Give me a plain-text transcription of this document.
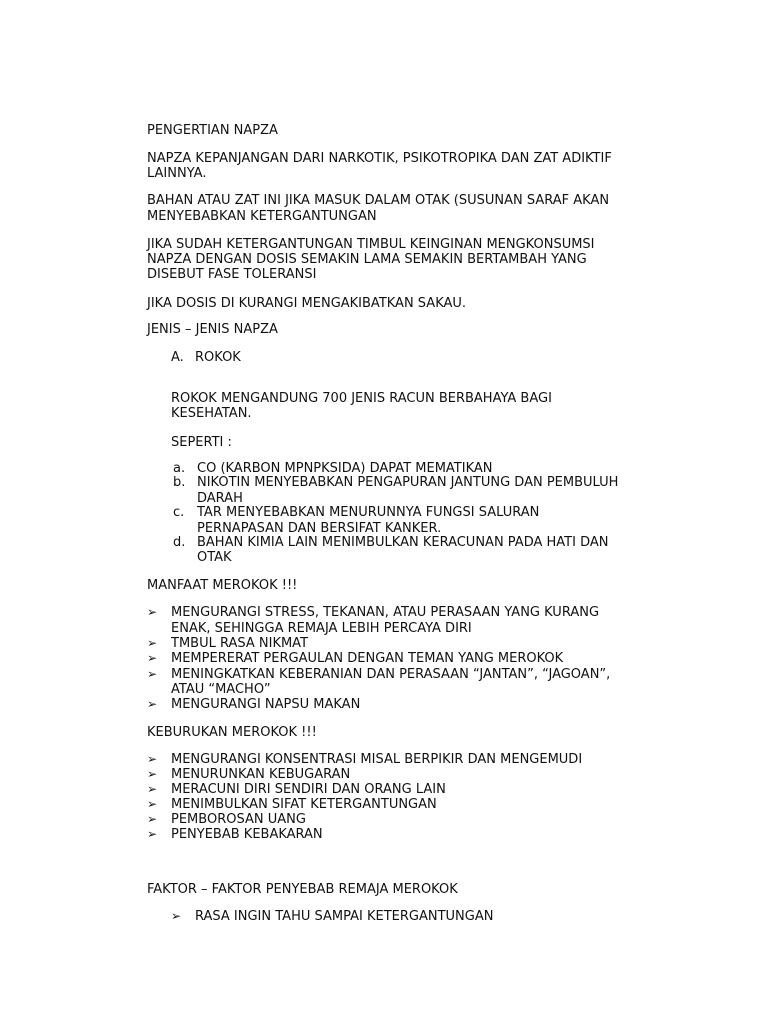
PENGERTIAN NAPZA
NAPZA KEPANJANGAN DARI NARKOTIK, PSIKOTROPIKA DAN ZAT ADIKTIF
LAINNYA.
BAHAN ATAU ZAT INI JIKA MASUK DALAM OTAK (SUSUNAN SARAF AKAN
MENYEBABKAN KETERGANTUNGAN
JIKA SUDAH KETERGANTUNGAN TIMBUL KEINGINAN MENGKONSUMSI
NAPZA DENGAN DOSIS SEMAKIN LAMA SEMAKIN BERTAMBAH YANG
DISEBUT FASE TOLERANSI
JIKA DOSIS DI KURANGI MENGAKIBATKAN SAKAU.
JENIS – JENIS NAPZA
A. ROKOK
ROKOK MENGANDUNG 700 JENIS RACUN BERBAHAYA BAGI
KESEHATAN.
SEPERTI :
a. CO (KARBON MPNPKSIDA) DAPAT MEMATIKAN
b. NIKOTIN MENYEBABKAN PENGAPURAN JANTUNG DAN PEMBULUH
DARAH
c. TAR MENYEBABKAN MENURUNNYA FUNGSI SALURAN
PERNAPASAN DAN BERSIFAT KANKER.
d. BAHAN KIMIA LAIN MENIMBULKAN KERACUNAN PADA HATI DAN
OTAK
MANFAAT MEROKOK !!!
➢ MENGURANGI STRESS, TEKANAN, ATAU PERASAAN YANG KURANG
ENAK, SEHINGGA REMAJA LEBIH PERCAYA DIRI
➢ TMBUL RASA NIKMAT
➢ MEMPERERAT PERGAULAN DENGAN TEMAN YANG MEROKOK
➢ MENINGKATKAN KEBERANIAN DAN PERASAAN “JANTAN”, “JAGOAN”,
ATAU “MACHO”
➢ MENGURANGI NAPSU MAKAN
KEBURUKAN MEROKOK !!!
➢ MENGURANGI KONSENTRASI MISAL BERPIKIR DAN MENGEMUDI
➢ MENURUNKAN KEBUGARAN
➢ MERACUNI DIRI SENDIRI DAN ORANG LAIN
➢ MENIMBULKAN SIFAT KETERGANTUNGAN
➢ PEMBOROSAN UANG
➢ PENYEBAB KEBAKARAN
FAKTOR – FAKTOR PENYEBAB REMAJA MEROKOK
➢ RASA INGIN TAHU SAMPAI KETERGANTUNGAN
